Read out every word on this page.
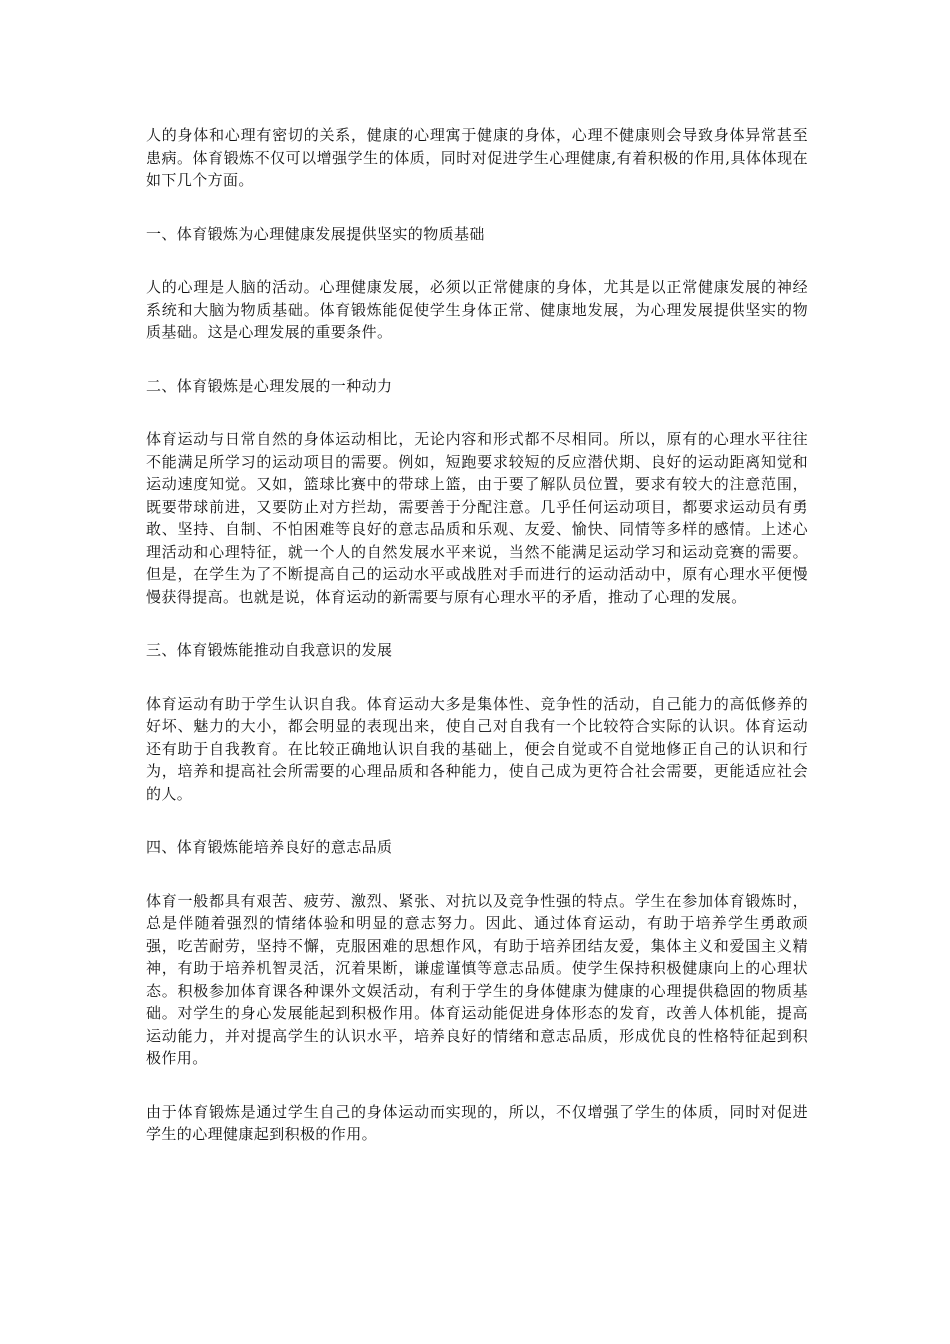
人的身体和心理有密切的关系，健康的心理寓于健康的身体，心理不健康则会导致身体异常甚至患病。体育锻炼不仅可以增强学生的体质，同时对促进学生心理健康,有着积极的作用,具体体现在如下几个方面。

一、体育锻炼为心理健康发展提供坚实的物质基础

人的心理是人脑的活动。心理健康发展，必须以正常健康的身体，尤其是以正常健康发展的神经系统和大脑为物质基础。体育锻炼能促使学生身体正常、健康地发展，为心理发展提供坚实的物质基础。这是心理发展的重要条件。

二、体育锻炼是心理发展的一种动力

体育运动与日常自然的身体运动相比，无论内容和形式都不尽相同。所以，原有的心理水平往往不能满足所学习的运动项目的需要。例如，短跑要求较短的反应潜伏期、良好的运动距离知觉和运动速度知觉。又如，篮球比赛中的带球上篮，由于要了解队员位置，要求有较大的注意范围，既要带球前进，又要防止对方拦劫，需要善于分配注意。几乎任何运动项目，都要求运动员有勇敢、坚持、自制、不怕困难等良好的意志品质和乐观、友爱、愉快、同情等多样的感情。上述心理活动和心理特征，就一个人的自然发展水平来说，当然不能满足运动学习和运动竞赛的需要。但是，在学生为了不断提高自己的运动水平或战胜对手而进行的运动活动中，原有心理水平便慢慢获得提高。也就是说，体育运动的新需要与原有心理水平的矛盾，推动了心理的发展。

三、体育锻炼能推动自我意识的发展

体育运动有助于学生认识自我。体育运动大多是集体性、竞争性的活动，自己能力的高低修养的好坏、魅力的大小，都会明显的表现出来，使自己对自我有一个比较符合实际的认识。体育运动还有助于自我教育。在比较正确地认识自我的基础上，便会自觉或不自觉地修正自己的认识和行为，培养和提高社会所需要的心理品质和各种能力，使自己成为更符合社会需要，更能适应社会的人。

四、体育锻炼能培养良好的意志品质

体育一般都具有艰苦、疲劳、激烈、紧张、对抗以及竞争性强的特点。学生在参加体育锻炼时，总是伴随着强烈的情绪体验和明显的意志努力。因此、通过体育运动，有助于培养学生勇敢顽强，吃苦耐劳，坚持不懈，克服困难的思想作风，有助于培养团结友爱，集体主义和爱国主义精神，有助于培养机智灵活，沉着果断，谦虚谨慎等意志品质。使学生保持积极健康向上的心理状态。积极参加体育课各种课外文娱活动，有利于学生的身体健康为健康的心理提供稳固的物质基础。对学生的身心发展能起到积极作用。体育运动能促进身体形态的发育，改善人体机能，提高运动能力，并对提高学生的认识水平，培养良好的情绪和意志品质，形成优良的性格特征起到积极作用。

由于体育锻炼是通过学生自己的身体运动而实现的，所以，不仅增强了学生的体质，同时对促进学生的心理健康起到积极的作用。
